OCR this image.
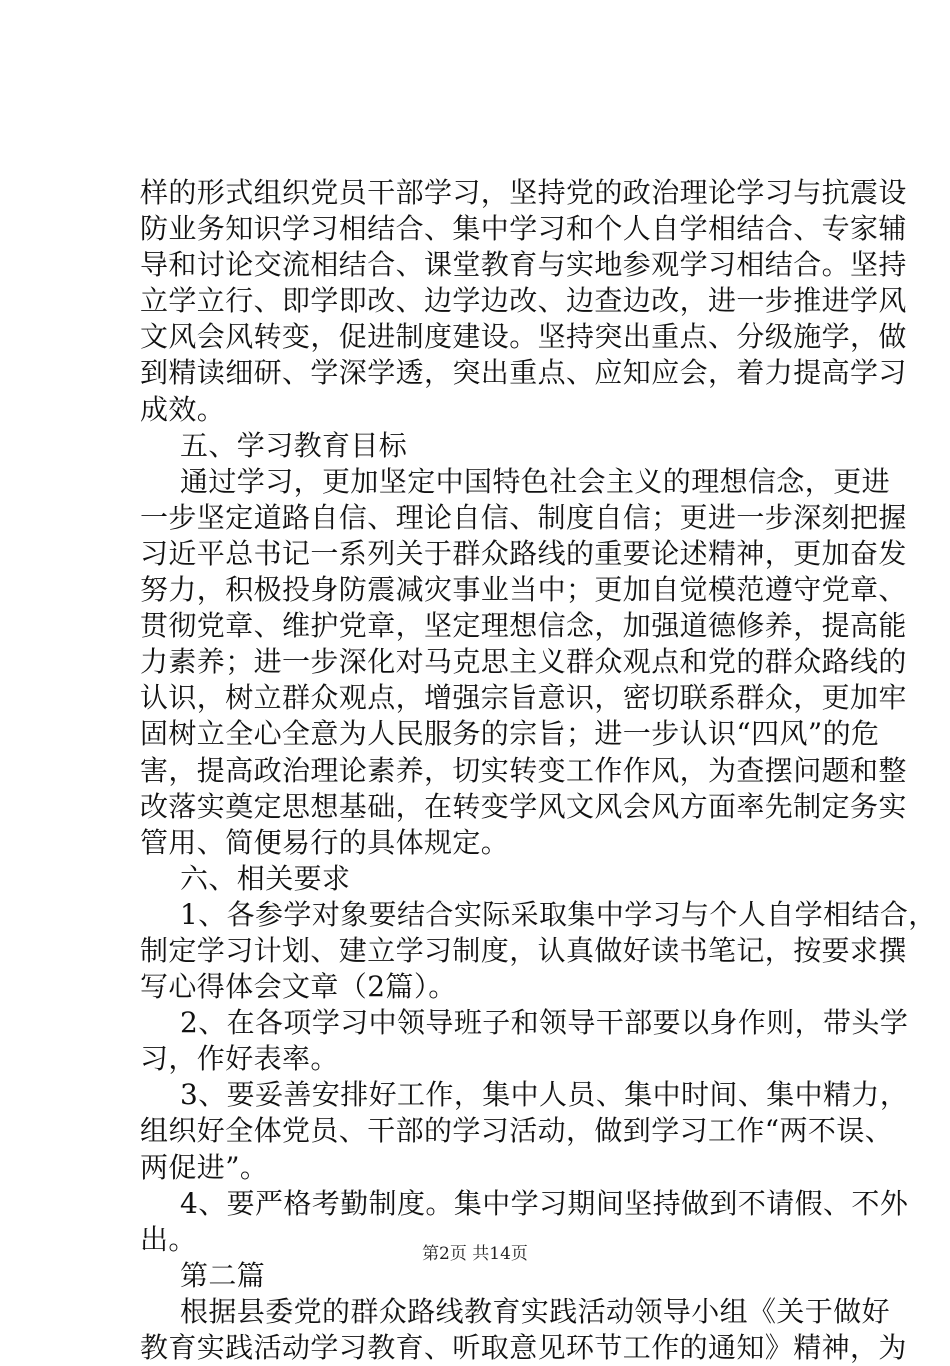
样的形式组织党员干部学习，坚持党的政治理论学习与抗震设
防业务知识学习相结合、集中学习和个人自学相结合、专家辅
导和讨论交流相结合、课堂教育与实地参观学习相结合。坚持
立学立行、即学即改、边学边改、边查边改，进一步推进学风
文风会风转变，促进制度建设。坚持突出重点、分级施学，做
到精读细研、学深学透，突出重点、应知应会，着力提高学习
成效。
五、学习教育目标
通过学习，更加坚定中国特色社会主义的理想信念，更进
一步坚定道路自信、理论自信、制度自信；更进一步深刻把握
习近平总书记一系列关于群众路线的重要论述精神，更加奋发
努力，积极投身防震减灾事业当中；更加自觉模范遵守党章、
贯彻党章、维护党章，坚定理想信念，加强道德修养，提高能
力素养；进一步深化对马克思主义群众观点和党的群众路线的
认识，树立群众观点，增强宗旨意识，密切联系群众，更加牢
固树立全心全意为人民服务的宗旨；进一步认识“四风”的危
害，提高政治理论素养，切实转变工作作风，为查摆问题和整
改落实奠定思想基础，在转变学风文风会风方面率先制定务实
管用、简便易行的具体规定。
六、相关要求
1、各参学对象要结合实际采取集中学习与个人自学相结合，
制定学习计划、建立学习制度，认真做好读书笔记，按要求撰
写心得体会文章（2篇）。
2、在各项学习中领导班子和领导干部要以身作则，带头学
习，作好表率。
3、要妥善安排好工作，集中人员、集中时间、集中精力，
组织好全体党员、干部的学习活动，做到学习工作“两不误、
两促进”。
4、要严格考勤制度。集中学习期间坚持做到不请假、不外
出。
第二篇
根据县委党的群众路线教育实践活动领导小组《关于做好
教育实践活动学习教育、听取意见环节工作的通知》精神，为
第2页 共14页
